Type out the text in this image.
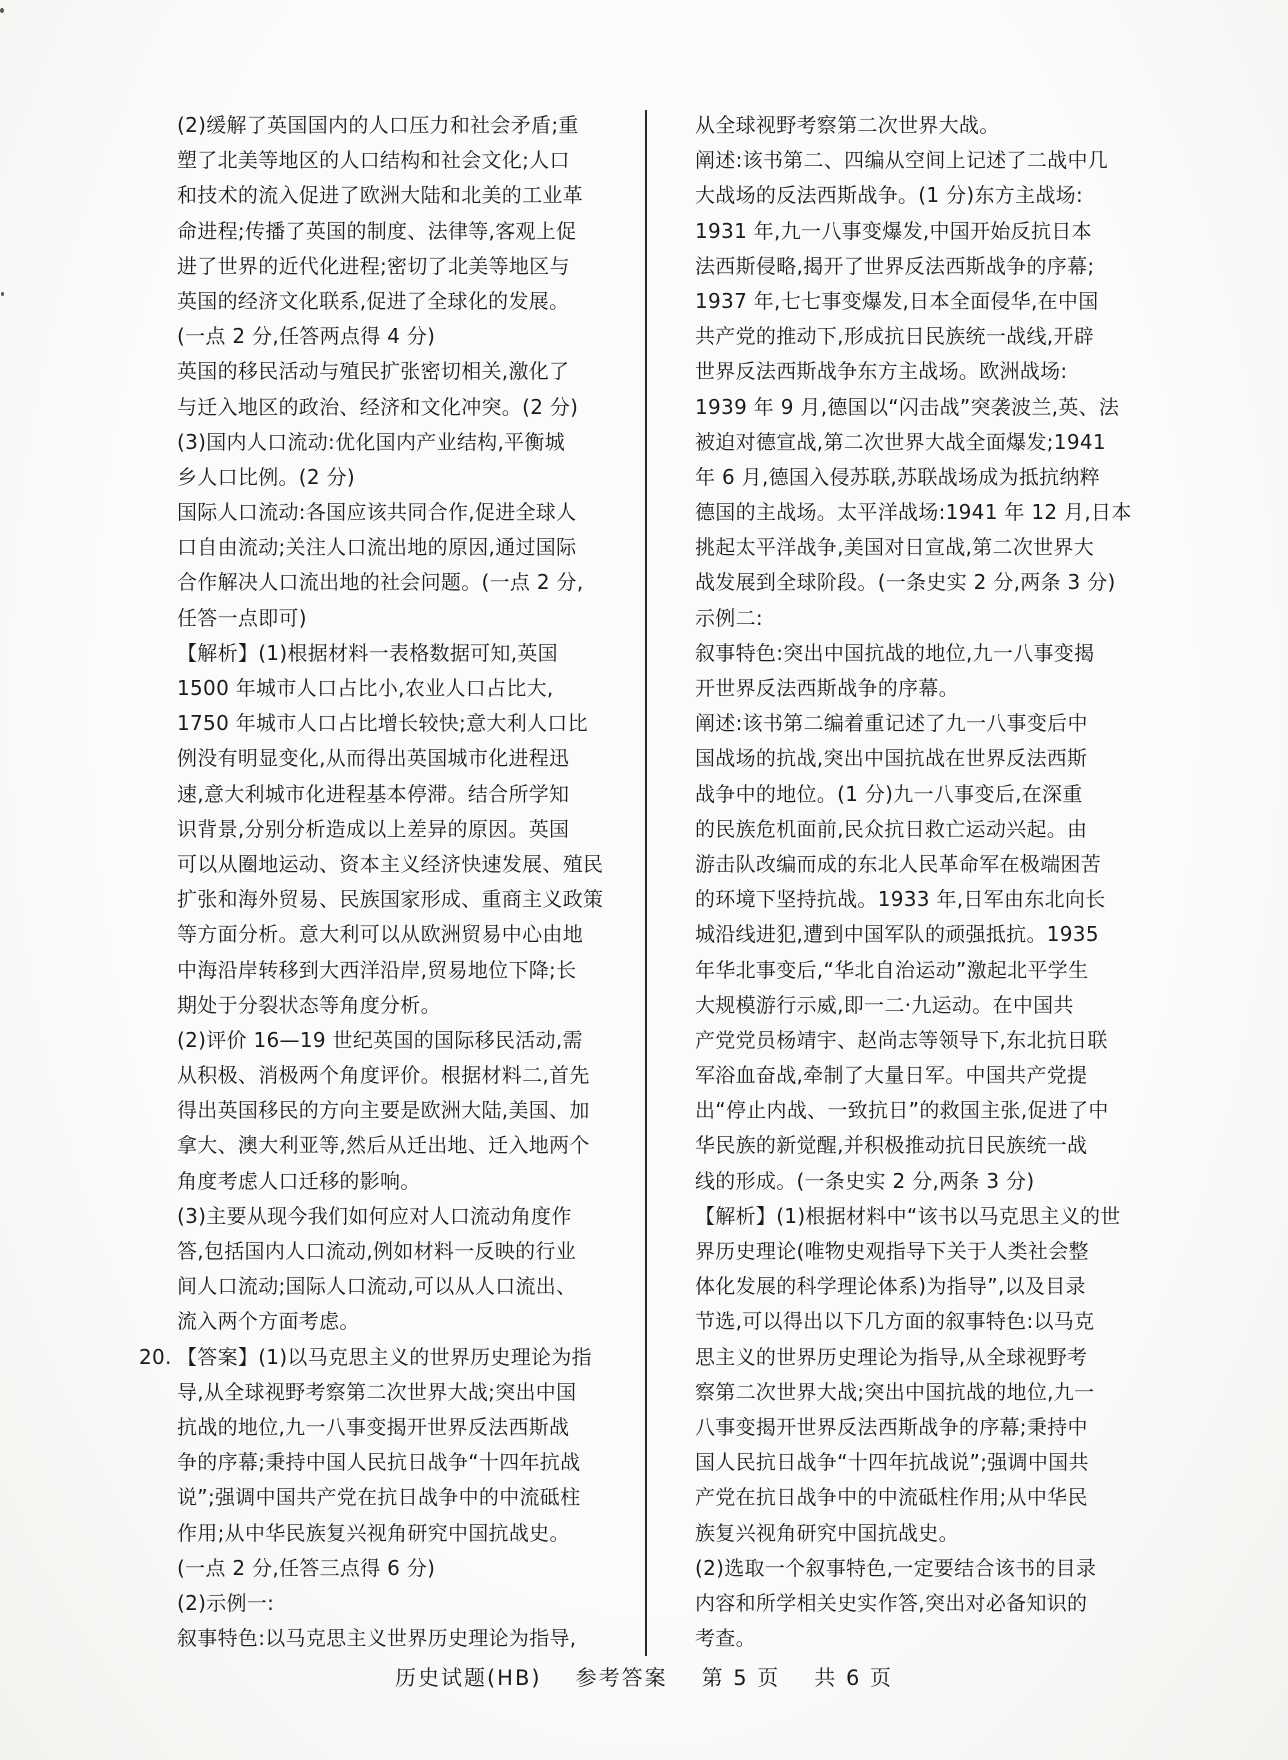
(2)缓解了英国国内的人口压力和社会矛盾;重
塑了北美等地区的人口结构和社会文化;人口
和技术的流入促进了欧洲大陆和北美的工业革
命进程;传播了英国的制度、法律等,客观上促
进了世界的近代化进程;密切了北美等地区与
英国的经济文化联系,促进了全球化的发展。
(一点 2 分,任答两点得 4 分)
英国的移民活动与殖民扩张密切相关,激化了
与迁入地区的政治、经济和文化冲突。(2 分)
(3)国内人口流动:优化国内产业结构,平衡城
乡人口比例。(2 分)
国际人口流动:各国应该共同合作,促进全球人
口自由流动;关注人口流出地的原因,通过国际
合作解决人口流出地的社会问题。(一点 2 分,
任答一点即可)
【解析】(1)根据材料一表格数据可知,英国
1500 年城市人口占比小,农业人口占比大,
1750 年城市人口占比增长较快;意大利人口比
例没有明显变化,从而得出英国城市化进程迅
速,意大利城市化进程基本停滞。结合所学知
识背景,分别分析造成以上差异的原因。英国
可以从圈地运动、资本主义经济快速发展、殖民
扩张和海外贸易、民族国家形成、重商主义政策
等方面分析。意大利可以从欧洲贸易中心由地
中海沿岸转移到大西洋沿岸,贸易地位下降;长
期处于分裂状态等角度分析。
(2)评价 16—19 世纪英国的国际移民活动,需
从积极、消极两个角度评价。根据材料二,首先
得出英国移民的方向主要是欧洲大陆,美国、加
拿大、澳大利亚等,然后从迁出地、迁入地两个
角度考虑人口迁移的影响。
(3)主要从现今我们如何应对人口流动角度作
答,包括国内人口流动,例如材料一反映的行业
间人口流动;国际人口流动,可以从人口流出、
流入两个方面考虑。
20. 【答案】(1)以马克思主义的世界历史理论为指
导,从全球视野考察第二次世界大战;突出中国
抗战的地位,九一八事变揭开世界反法西斯战
争的序幕;秉持中国人民抗日战争“十四年抗战
说”;强调中国共产党在抗日战争中的中流砥柱
作用;从中华民族复兴视角研究中国抗战史。
(一点 2 分,任答三点得 6 分)
(2)示例一:
叙事特色:以马克思主义世界历史理论为指导,
从全球视野考察第二次世界大战。
阐述:该书第二、四编从空间上记述了二战中几
大战场的反法西斯战争。(1 分)东方主战场:
1931 年,九一八事变爆发,中国开始反抗日本
法西斯侵略,揭开了世界反法西斯战争的序幕;
1937 年,七七事变爆发,日本全面侵华,在中国
共产党的推动下,形成抗日民族统一战线,开辟
世界反法西斯战争东方主战场。欧洲战场:
1939 年 9 月,德国以“闪击战”突袭波兰,英、法
被迫对德宣战,第二次世界大战全面爆发;1941
年 6 月,德国入侵苏联,苏联战场成为抵抗纳粹
德国的主战场。太平洋战场:1941 年 12 月,日本
挑起太平洋战争,美国对日宣战,第二次世界大
战发展到全球阶段。(一条史实 2 分,两条 3 分)
示例二:
叙事特色:突出中国抗战的地位,九一八事变揭
开世界反法西斯战争的序幕。
阐述:该书第二编着重记述了九一八事变后中
国战场的抗战,突出中国抗战在世界反法西斯
战争中的地位。(1 分)九一八事变后,在深重
的民族危机面前,民众抗日救亡运动兴起。由
游击队改编而成的东北人民革命军在极端困苦
的环境下坚持抗战。1933 年,日军由东北向长
城沿线进犯,遭到中国军队的顽强抵抗。1935
年华北事变后,“华北自治运动”激起北平学生
大规模游行示威,即一二·九运动。在中国共
产党党员杨靖宇、赵尚志等领导下,东北抗日联
军浴血奋战,牵制了大量日军。中国共产党提
出“停止内战、一致抗日”的救国主张,促进了中
华民族的新觉醒,并积极推动抗日民族统一战
线的形成。(一条史实 2 分,两条 3 分)
【解析】(1)根据材料中“该书以马克思主义的世
界历史理论(唯物史观指导下关于人类社会整
体化发展的科学理论体系)为指导”,以及目录
节选,可以得出以下几方面的叙事特色:以马克
思主义的世界历史理论为指导,从全球视野考
察第二次世界大战;突出中国抗战的地位,九一
八事变揭开世界反法西斯战争的序幕;秉持中
国人民抗日战争“十四年抗战说”;强调中国共
产党在抗日战争中的中流砥柱作用;从中华民
族复兴视角研究中国抗战史。
(2)选取一个叙事特色,一定要结合该书的目录
内容和所学相关史实作答,突出对必备知识的
考查。
历史试题(HB) 参考答案 第 5 页 共 6 页
